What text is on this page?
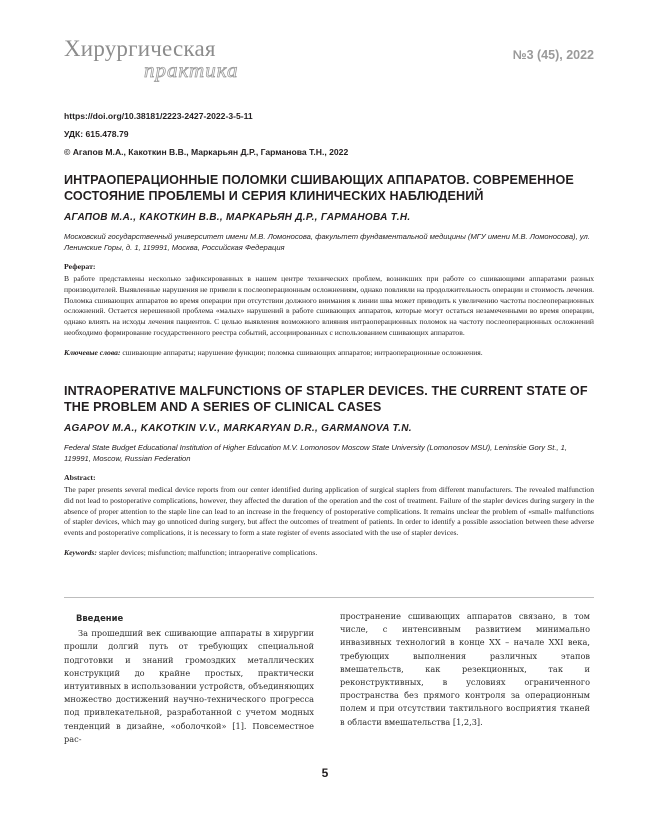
Хирургическая
практика
№3 (45), 2022
https://doi.org/10.38181/2223-2427-2022-3-5-11
УДК: 615.478.79
© Агапов М.А., Какоткин В.В., Маркарьян Д.Р., Гарманова Т.Н., 2022
ИНТРАОПЕРАЦИОННЫЕ ПОЛОМКИ СШИВАЮЩИХ АППАРАТОВ. СОВРЕМЕННОЕ СОСТОЯНИЕ ПРОБЛЕМЫ И СЕРИЯ КЛИНИЧЕСКИХ НАБЛЮДЕНИЙ
АГАПОВ М.А., КАКОТКИН В.В., МАРКАРЬЯН Д.Р., ГАРМАНОВА Т.Н.
Московский государственный университет имени М.В. Ломоносова, факультет фундаментальной медицины (МГУ имени М.В. Ломоносова), ул. Ленинские Горы, д. 1, 119991, Москва, Российская Федерация
Реферат:
В работе представлены несколько зафиксированных в нашем центре технических проблем, возникших при работе со сшивающими аппаратами разных производителей. Выявленные нарушения не привели к послеоперационным осложнениям, однако повлияли на продолжительность операции и стоимость лечения. Поломка сшивающих аппаратов во время операции при отсутствии должного внимания к линии шва может приводить к увеличению частоты послеоперационных осложнений. Остается нерешенной проблема «малых» нарушений в работе сшивающих аппаратов, которые могут остаться незамеченными во время операции, однако влиять на исходы лечения пациентов. С целью выявления возможного влияния интраоперационных поломок на частоту послеоперационных осложнений необходимо формирование государственного реестра событий, ассоциированных с использованием сшивающих аппаратов.
Ключевые слова: сшивающие аппараты; нарушение функции; поломка сшивающих аппаратов; интраоперационные осложнения.
INTRAOPERATIVE MALFUNCTIONS OF STAPLER DEVICES. THE CURRENT STATE OF THE PROBLEM AND A SERIES OF CLINICAL CASES
AGAPOV M.A., KAKOTKIN V.V., MARKARYAN D.R., GARMANOVA T.N.
Federal State Budget Educational Institution of Higher Education M.V. Lomonosov Moscow State University (Lomonosov MSU), Leninskie Gory St., 1, 119991, Moscow, Russian Federation
Abstract:
The paper presents several medical device reports from our center identified during application of surgical staplers from different manufacturers. The revealed malfunction did not lead to postoperative complications, however, they affected the duration of the operation and the cost of treatment. Failure of the stapler devices during surgery in the absence of proper attention to the staple line can lead to an increase in the frequency of postoperative complications. It remains unclear the problem of «small» malfunctions of stapler devices, which may go unnoticed during surgery, but affect the outcomes of treatment of patients. In order to identify a possible association between these adverse events and postoperative complications, it is necessary to form a state register of events associated with the use of stapler devices.
Keywords: stapler devices; misfunction; malfunction; intraoperative complications.
Введение

За прошедший век сшивающие аппараты в хирургии прошли долгий путь от требующих специальной подготовки и знаний громоздких металлических конструкций до крайне простых, практически интуитивных в использовании устройств, объединяющих множество достижений научно-технического прогресса под привлекательной, разработанной с учетом модных тенденций в дизайне, «оболочкой» [1]. Повсеместное рас-

пространение сшивающих аппаратов связано, в том числе, с интенсивным развитием минимально инвазивных технологий в конце XX – начале XXI века, требующих выполнения различных этапов вмешательств, как резекционных, так и реконструктивных, в условиях ограниченного пространства без прямого контроля за операционным полем и при отсутствии тактильного восприятия тканей в области вмешательства [1,2,3].

5
